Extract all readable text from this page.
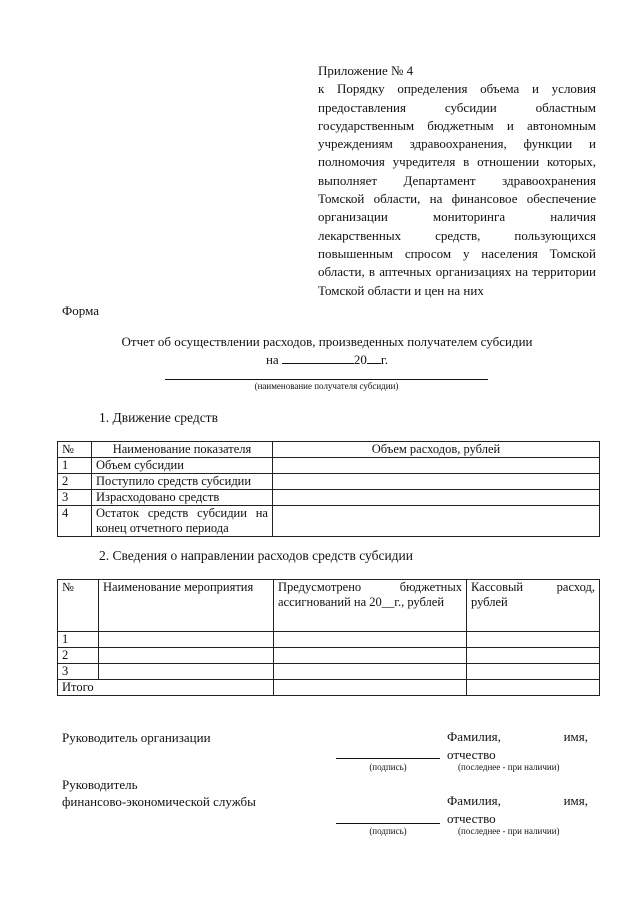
Приложение № 4
к Порядку определения объема и условия предоставления субсидии областным государственным бюджетным и автономным учреждениям здравоохранения, функции и полномочия учредителя в отношении которых, выполняет Департамент здравоохранения Томской области, на финансовое обеспечение организации мониторинга наличия лекарственных средств, пользующихся повышенным спросом у населения Томской области, в аптечных организациях на территории Томской области и цен на них
Форма
Отчет об осуществлении расходов, произведенных получателем субсидии
на	20 г.
(наименование получателя субсидии)
1. Движение средств
№	Наименование показателя	Объем расходов, рублей
1	Объем субсидии	
2	Поступило средств субсидии	
3	Израсходовано средств	
4	Остаток средств субсидии на конец отчетного периода	
2. Сведения о направлении расходов средств субсидии
№	Наименование мероприятия	Предусмотрено бюджетных ассигнований на 20__г., рублей	Кассовый расход, рублей
1			
2			
3			
Итого			
Руководитель организации	Фамилия,	имя,
отчество
(подпись)	(последнее - при наличии)
Руководитель
финансово-экономической службы	Фамилия,	имя,
отчество
(подпись)	(последнее - при наличии)
